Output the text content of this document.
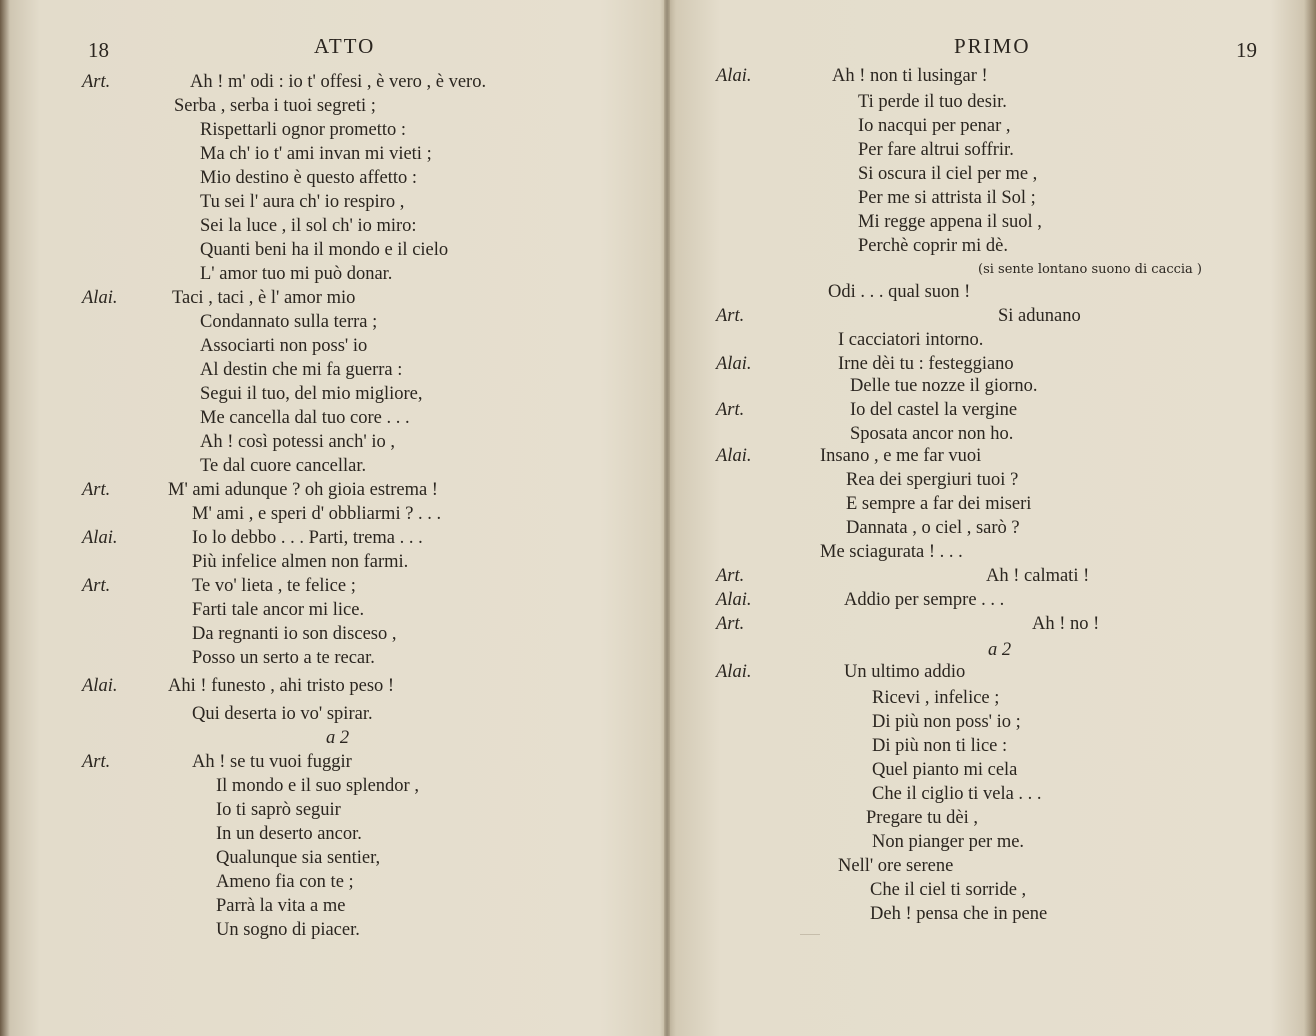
18	ATTO
Art.	Ah ! m' odi : io t' offesi , è vero , è vero.
Serba , serba i tuoi segreti ;
Rispettarli ognor prometto :
Ma ch' io t' ami invan mi vieti ;
Mio destino è questo affetto :
Tu sei l' aura ch' io respiro ,
Sei la luce , il sol ch' io miro:
Quanti beni ha il mondo e il cielo
L' amor tuo mi può donar.
Alai.	Taci , taci , è l' amor mio
Condannato sulla terra ;
Associarti non poss' io
Al destin che mi fa guerra :
Segui il tuo, del mio migliore,
Me cancella dal tuo core . . .
Ah ! così potessi anch' io ,
Te dal cuore cancellar.
Art.	M' ami adunque ? oh gioia estrema !
M' ami , e speri d' obbliarmi ? . . .
Alai.	Io lo debbo . . . Parti, trema . . .
Più infelice almen non farmi.
Art.	Te vo' lieta , te felice ;
Farti tale ancor mi lice.
Da regnanti io son disceso ,
Posso un serto a te recar.
Alai.	Ahi ! funesto , ahi tristo peso !
Qui deserta io vo' spirar.
a 2
Art.	Ah ! se tu vuoi fuggir
Il mondo e il suo splendor ,
Io ti saprò seguir
In un deserto ancor.
Qualunque sia sentier,
Ameno fia con te ;
Parrà la vita a me
Un sogno di piacer.
PRIMO	19
Alai.	Ah ! non ti lusingar !
Ti perde il tuo desir.
Io nacqui per penar ,
Per fare altrui soffrir.
Si oscura il ciel per me ,
Per me si attrista il Sol ;
Mi regge appena il suol ,
Perchè coprir mi dè.
(si sente lontano suono di caccia )
Odi . . . qual suon !
Art.	Si adunano
I cacciatori intorno.
Alai.	Irne dèi tu : festeggiano
Delle tue nozze il giorno.
Art.	Io del castel la vergine
Sposata ancor non ho.
Alai.	Insano , e me far vuoi
Rea dei spergiuri tuoi ?
E sempre a far dei miseri
Dannata , o ciel , sarò ?
Me sciagurata ! . . .
Art.	Ah ! calmati !
Alai.	Addio per sempre . . .
Art.	Ah ! no !
a 2
Alai.	Un ultimo addio
Ricevi , infelice ;
Di più non poss' io ;
Di più non ti lice :
Quel pianto mi cela
Che il ciglio ti vela . . .
Pregare tu dèi ,
Non pianger per me.
Nell' ore serene
Che il ciel ti sorride ,
Deh ! pensa che in pene
